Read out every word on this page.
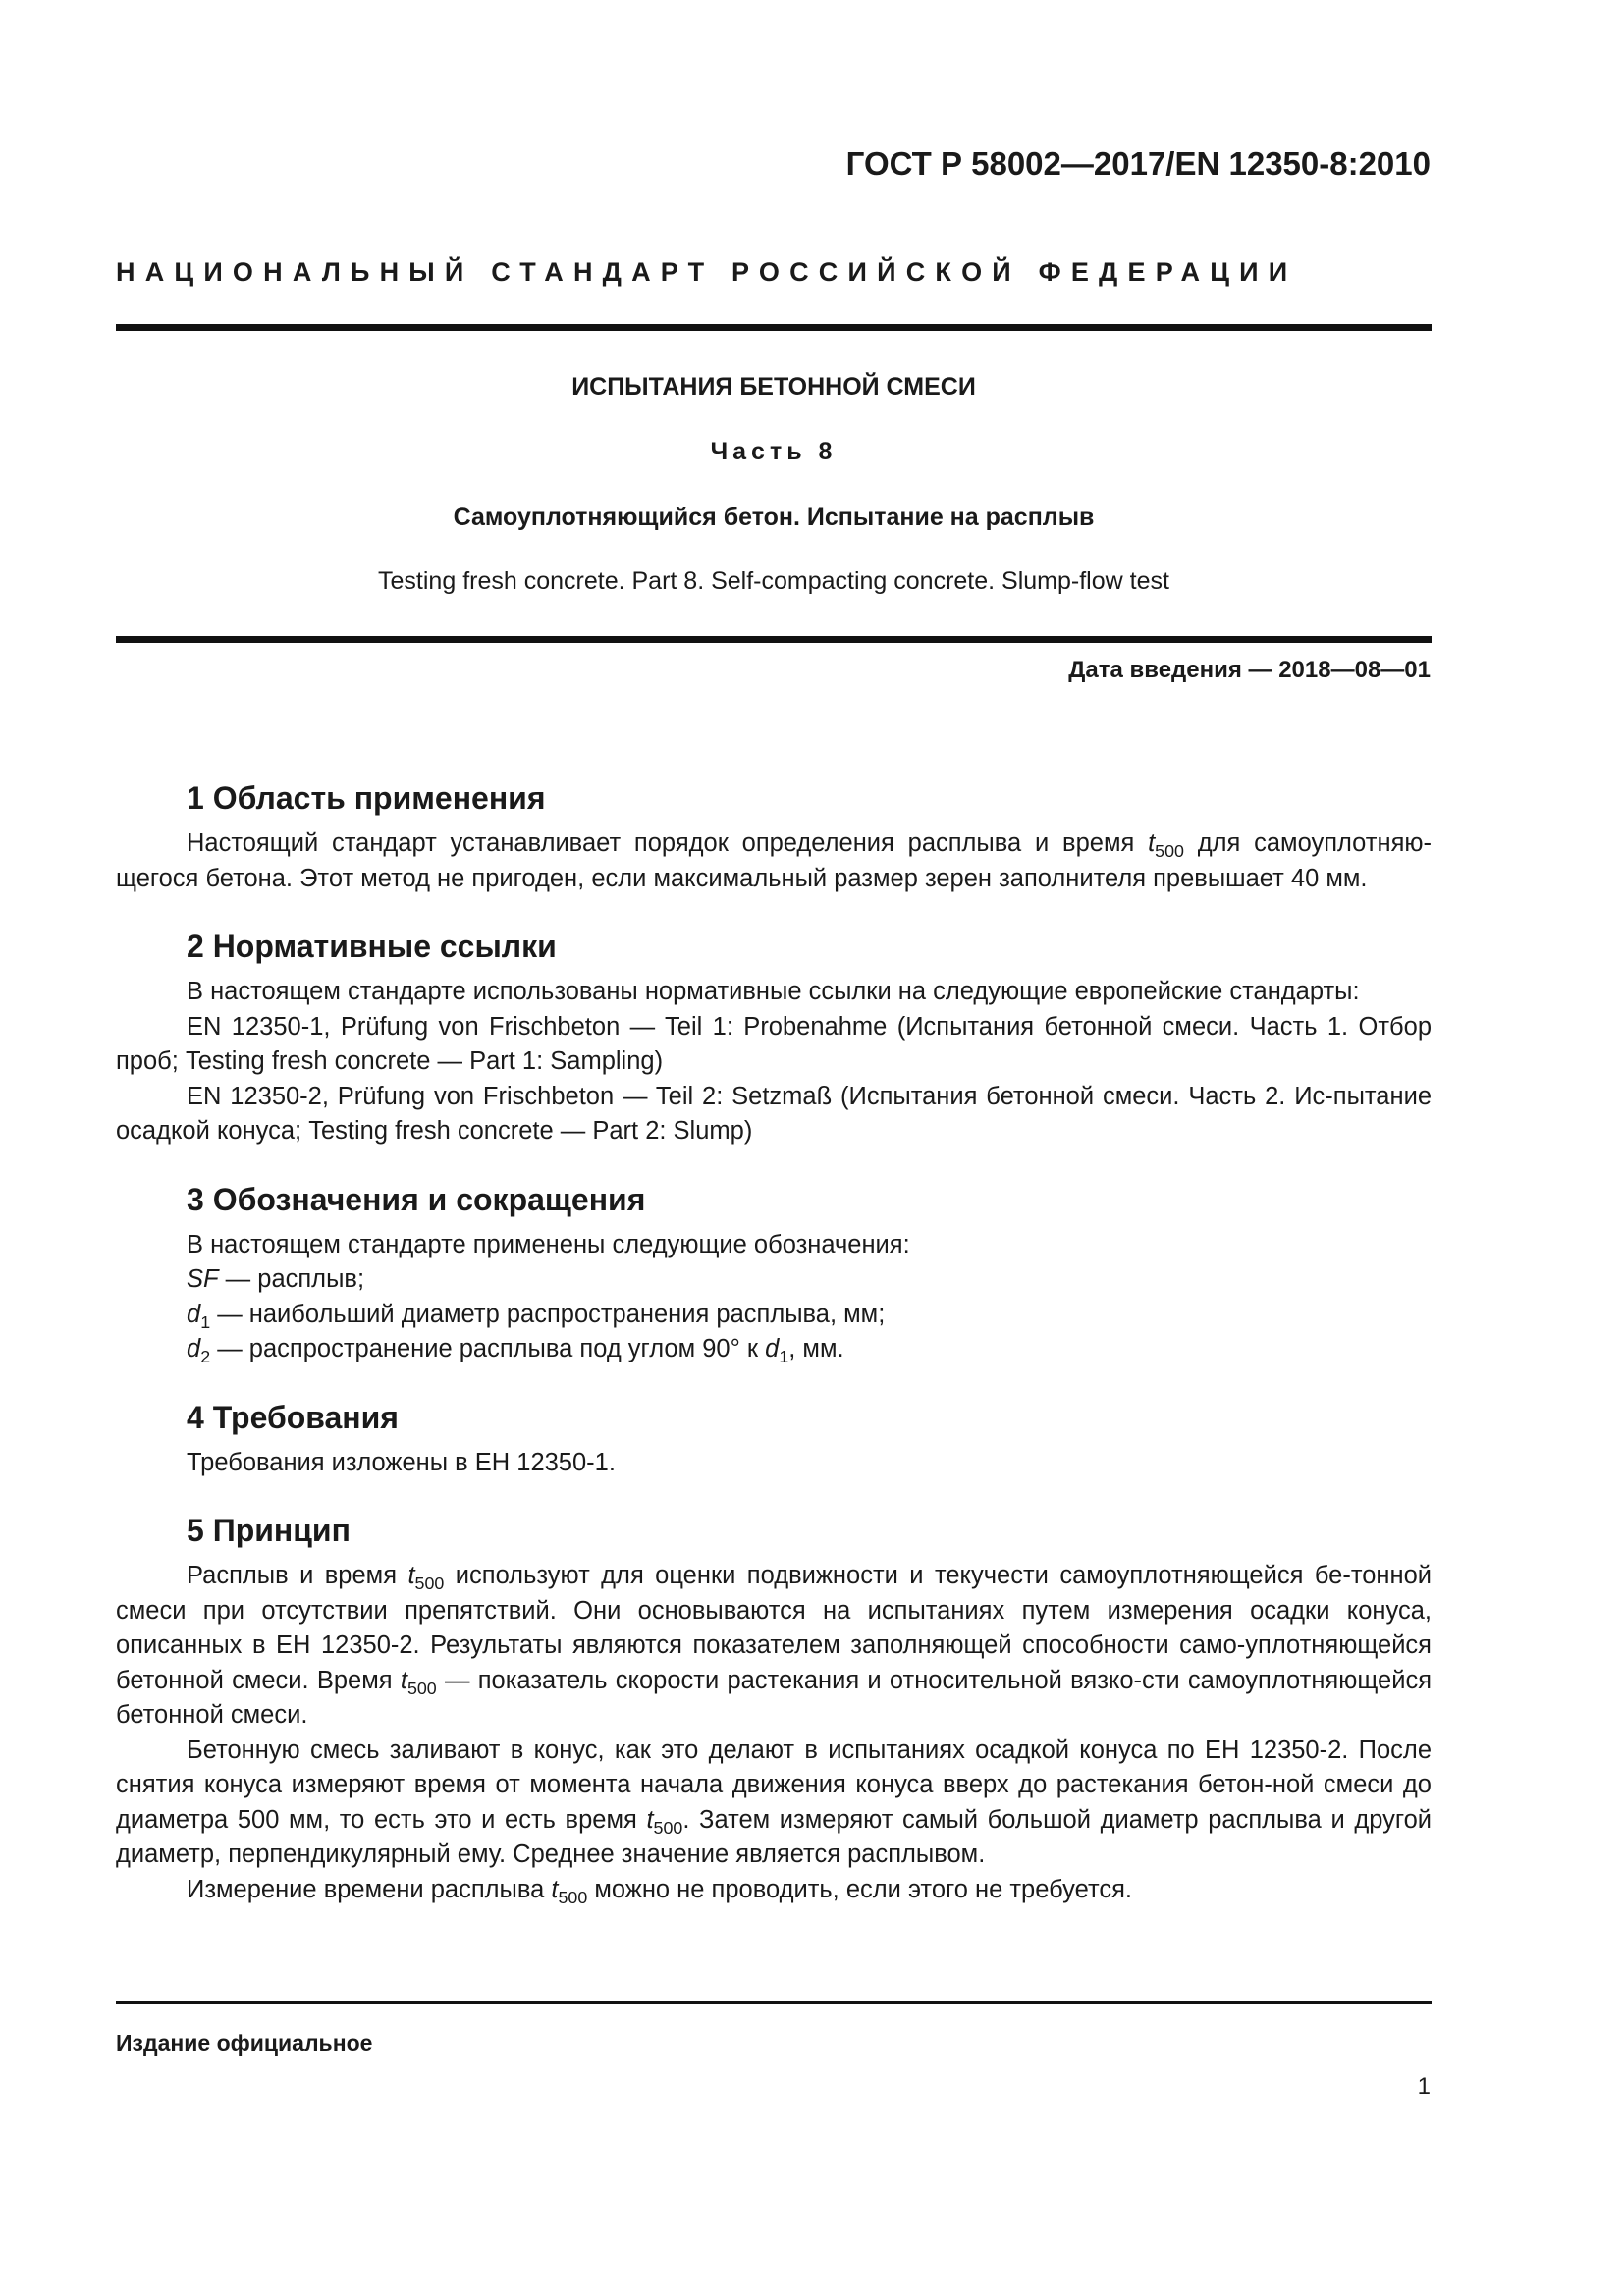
ГОСТ Р 58002—2017/EN 12350-8:2010
НАЦИОНАЛЬНЫЙ СТАНДАРТ РОССИЙСКОЙ ФЕДЕРАЦИИ
ИСПЫТАНИЯ БЕТОННОЙ СМЕСИ
Часть 8
Самоуплотняющийся бетон. Испытание на расплыв
Testing fresh concrete. Part 8. Self-compacting concrete. Slump-flow test
Дата введения — 2018—08—01
1 Область применения

Настоящий стандарт устанавливает порядок определения расплыва и время $t_{500}$ для самоуплотняю-щегося бетона. Этот метод не пригоден, если максимальный размер зерен заполнителя превышает 40 мм.

2 Нормативные ссылки

В настоящем стандарте использованы нормативные ссылки на следующие европейские стандарты:

EN 12350-1, Prüfung von Frischbeton — Teil 1: Probenahme (Испытания бетонной смеси. Часть 1. Отбор проб; Testing fresh concrete — Part 1: Sampling)

EN 12350-2, Prüfung von Frischbeton — Teil 2: Setzmaß (Испытания бетонной смеси. Часть 2. Ис-пытание осадкой конуса; Testing fresh concrete — Part 2: Slump)

3 Обозначения и сокращения

В настоящем стандарте применены следующие обозначения:

SF — расплыв;

$d_1$ — наибольший диаметр распространения расплыва, мм;

$d_2$ — распространение расплыва под углом 90° к $d_1$, мм.

4 Требования

Требования изложены в ЕН 12350-1.

5 Принцип

Расплыв и время $t_{500}$ используют для оценки подвижности и текучести самоуплотняющейся бе-тонной смеси при отсутствии препятствий. Они основываются на испытаниях путем измерения осадки конуса, описанных в ЕН 12350-2. Результаты являются показателем заполняющей способности само-уплотняющейся бетонной смеси. Время $t_{500}$ — показатель скорости растекания и относительной вязко-сти самоуплотняющейся бетонной смеси.

Бетонную смесь заливают в конус, как это делают в испытаниях осадкой конуса по ЕН 12350-2. После снятия конуса измеряют время от момента начала движения конуса вверх до растекания бетон-ной смеси до диаметра 500 мм, то есть это и есть время $t_{500}$. Затем измеряют самый большой диаметр расплыва и другой диаметр, перпендикулярный ему. Среднее значение является расплывом.

Измерение времени расплыва $t_{500}$ можно не проводить, если этого не требуется.

Издание официальное
1
